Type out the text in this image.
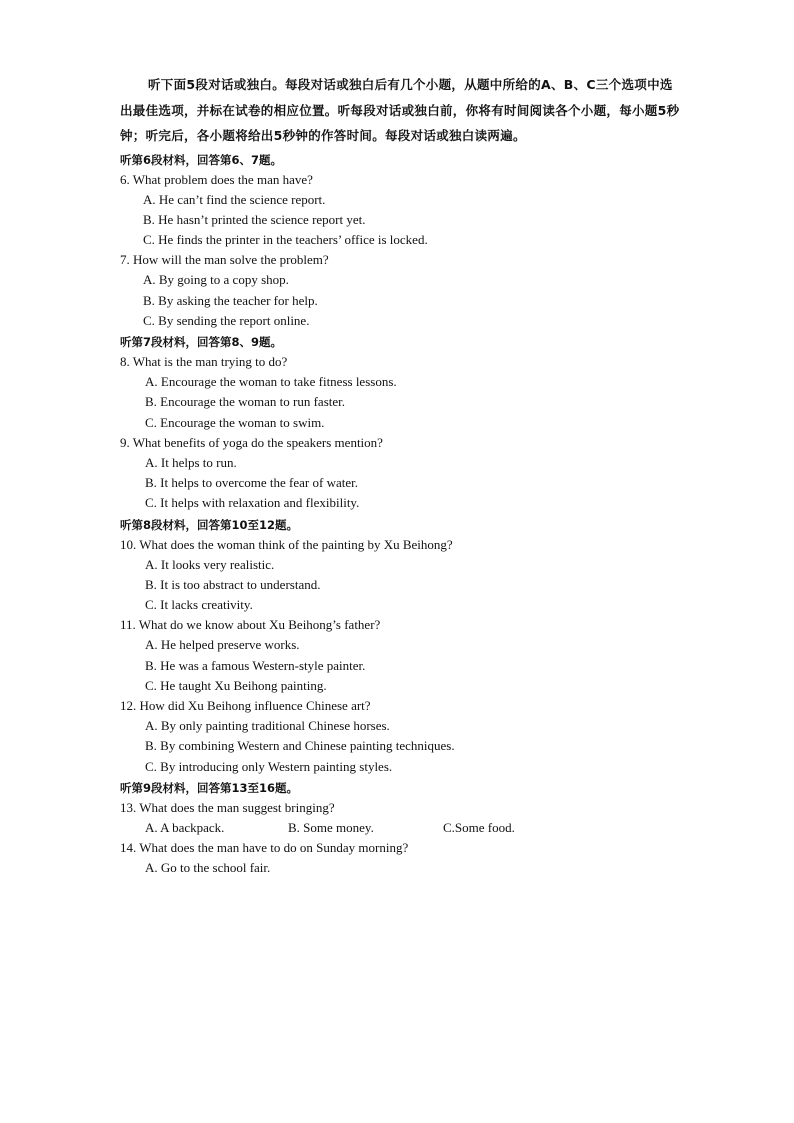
听下面5段对话或独白。每段对话或独白后有几个小题，从题中所给的A、B、C三个选项中选出最佳选项，并标在试卷的相应位置。听每段对话或独白前，你将有时间阅读各个小题，每小题5秒钟；听完后，各小题将给出5秒钟的作答时间。每段对话或独白读两遍。

听第6段材料，回答第6、7题。
6. What problem does the man have?
A. He can’t find the science report.
B. He hasn’t printed the science report yet.
C. He finds the printer in the teachers’ office is locked.
7. How will the man solve the problem?
A. By going to a copy shop.
B. By asking the teacher for help.
C. By sending the report online.
听第7段材料，回答第8、9题。
8. What is the man trying to do?
A. Encourage the woman to take fitness lessons.
B. Encourage the woman to run faster.
C. Encourage the woman to swim.
9. What benefits of yoga do the speakers mention?
A. It helps to run.
B. It helps to overcome the fear of water.
C. It helps with relaxation and flexibility.
听第8段材料，回答第10至12题。
10. What does the woman think of the painting by Xu Beihong?
A. It looks very realistic.
B. It is too abstract to understand.
C. It lacks creativity.
11. What do we know about Xu Beihong’s father?
A. He helped preserve works.
B. He was a famous Western-style painter.
C. He taught Xu Beihong painting.
12. How did Xu Beihong influence Chinese art?
A. By only painting traditional Chinese horses.
B. By combining Western and Chinese painting techniques.
C. By introducing only Western painting styles.
听第9段材料，回答第13至16题。
13. What does the man suggest bringing?
A. A backpack.	B. Some money.	C.Some food.
14. What does the man have to do on Sunday morning?
A. Go to the school fair.
